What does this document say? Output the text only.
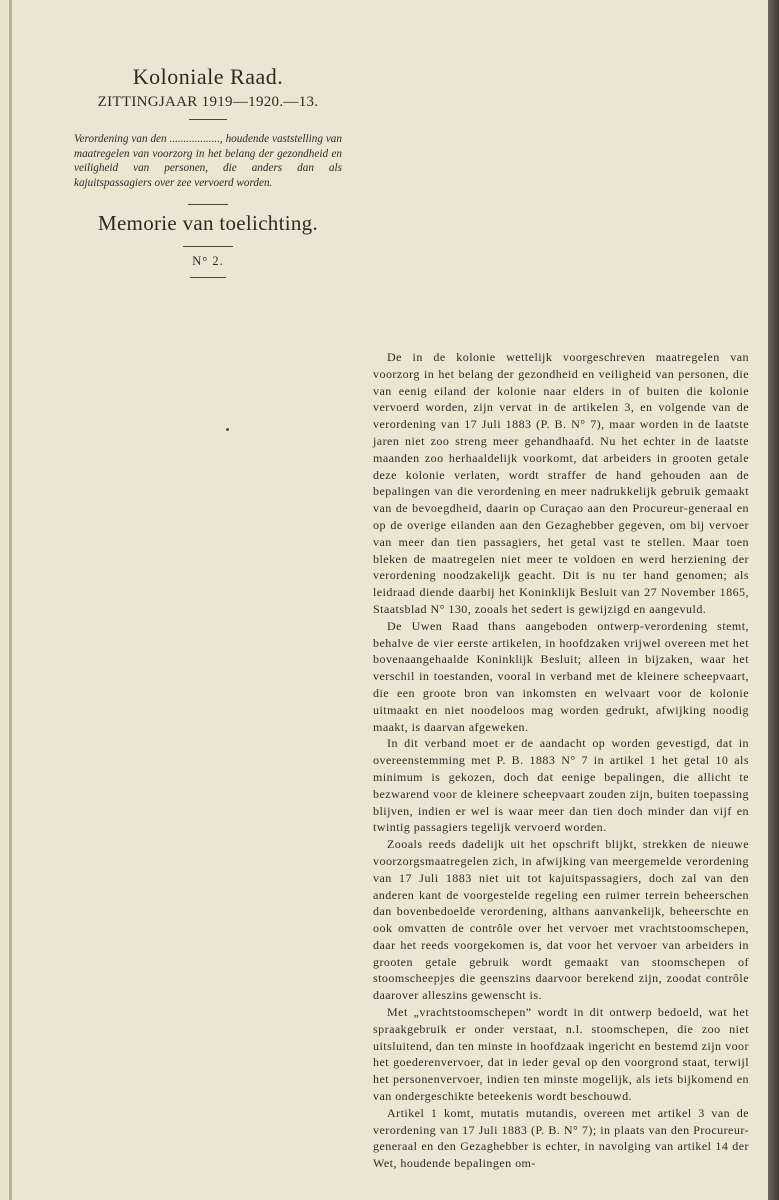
Koloniale Raad.
ZITTINGJAAR 1919—1920.—13.
Verordening van den .................., houdende vaststelling van maatregelen van voorzorg in het belang der gezondheid en veiligheid van personen, die anders dan als kajuitspassagiers over zee vervoerd worden.
Memorie van toelichting.
N° 2.

De in de kolonie wettelijk voorgeschreven maatregelen van voorzorg in het belang der gezondheid en veiligheid van personen, die van eenig eiland der kolonie naar elders in of buiten die kolonie vervoerd worden, zijn vervat in de artikelen 3, en volgende van de verordening van 17 Juli 1883 (P. B. N° 7), maar worden in de laatste jaren niet zoo streng meer gehandhaafd. Nu het echter in de laatste maanden zoo herhaaldelijk voorkomt, dat arbeiders in grooten getale deze kolonie verlaten, wordt straffer de hand gehouden aan de bepalingen van die verordening en meer nadrukkelijk gebruik gemaakt van de bevoegdheid, daarin op Curaçao aan den Procureur-generaal en op de overige eilanden aan den Gezaghebber gegeven, om bij vervoer van meer dan tien passagiers, het getal vast te stellen. Maar toen bleken de maatregelen niet meer te voldoen en werd herziening der verordening noodzakelijk geacht. Dit is nu ter hand genomen; als leidraad diende daarbij het Koninklijk Besluit van 27 November 1865, Staatsblad N° 130, zooals het sedert is gewijzigd en aangevuld.

De Uwen Raad thans aangeboden ontwerp-verordening stemt, behalve de vier eerste artikelen, in hoofdzaken vrijwel overeen met het bovenaangehaalde Koninklijk Besluit; alleen in bijzaken, waar het verschil in toestanden, vooral in verband met de kleinere scheepvaart, die een groote bron van inkomsten en welvaart voor de kolonie uitmaakt en niet noodeloos mag worden gedrukt, afwijking noodig maakt, is daarvan afgeweken.

In dit verband moet er de aandacht op worden gevestigd, dat in overeenstemming met P. B. 1883 N° 7 in artikel 1 het getal 10 als minimum is gekozen, doch dat eenige bepalingen, die allicht te bezwarend voor de kleinere scheepvaart zouden zijn, buiten toepassing blijven, indien er wel is waar meer dan tien doch minder dan vijf en twintig passagiers tegelijk vervoerd worden.

Zooals reeds dadelijk uit het opschrift blijkt, strekken de nieuwe voorzorgsmaatregelen zich, in afwijking van meergemelde verordening van 17 Juli 1883 niet uit tot kajuitspassagiers, doch zal van den anderen kant de voorgestelde regeling een ruimer terrein beheerschen dan bovenbedoelde verordening, althans aanvankelijk, beheerschte en ook omvatten de contrôle over het vervoer met vrachtstoomschepen, daar het reeds voorgekomen is, dat voor het vervoer van arbeiders in grooten getale gebruik wordt gemaakt van stoomschepen of stoomscheepjes die geenszins daarvoor berekend zijn, zoodat contrôle daarover alleszins gewenscht is.

Met „vrachtstoomschepen” wordt in dit ontwerp bedoeld, wat het spraakgebruik er onder verstaat, n.l. stoomschepen, die zoo niet uitsluitend, dan ten minste in hoofdzaak ingericht en bestemd zijn voor het goederenvervoer, dat in ieder geval op den voorgrond staat, terwijl het personenvervoer, indien ten minste mogelijk, als iets bijkomend en van ondergeschikte beteekenis wordt beschouwd.

Artikel 1 komt, mutatis mutandis, overeen met artikel 3 van de verordening van 17 Juli 1883 (P. B. N° 7); in plaats van den Procureur-generaal en den Gezaghebber is echter, in navolging van artikel 14 der Wet, houdende bepalingen om-
